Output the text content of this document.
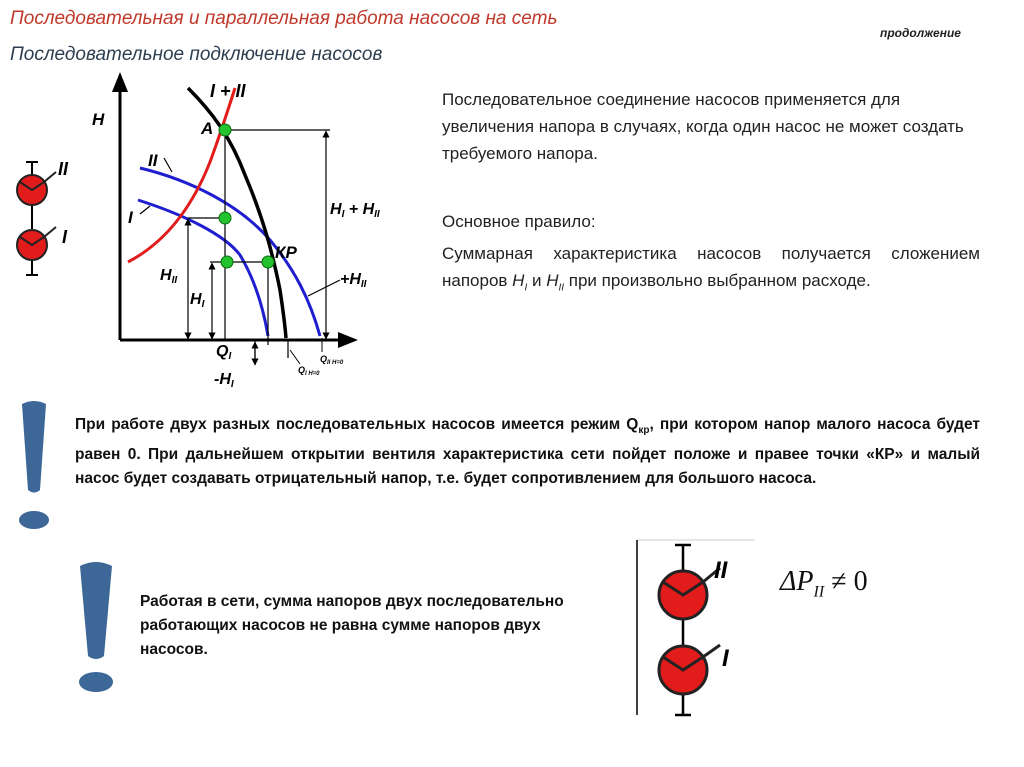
Последовательная и параллельная работа насосов на сеть
Последовательное подключение насосов
продолжение
H
I + II
II
I
A
КР
HI + HII
HII
HI
+HII
QI
-HI
$Q_{II H=0}$
$Q_{I H=0}$
II
I
II
I
Последовательное соединение насосов применяется для увеличения напора в случаях, когда один насос не может создать требуемого напора.
Основное правило:
Суммарная характеристика насосов получается сложением напоров $H_I$ и $H_{II}$ при произвольно выбранном расходе.
При работе двух разных последовательных насосов имеется режим $Q_{кр}$, при котором напор малого насоса будет равен 0. При дальнейшем открытии вентиля характеристика сети пойдет положе и правее точки «КР» и малый насос будет создавать отрицательный напор, т.е. будет сопротивлением для большого насоса.
Работая в сети, сумма напоров двух последовательно работающих насосов не равна сумме напоров двух насосов.
$\Delta P_{II} \ne 0$
